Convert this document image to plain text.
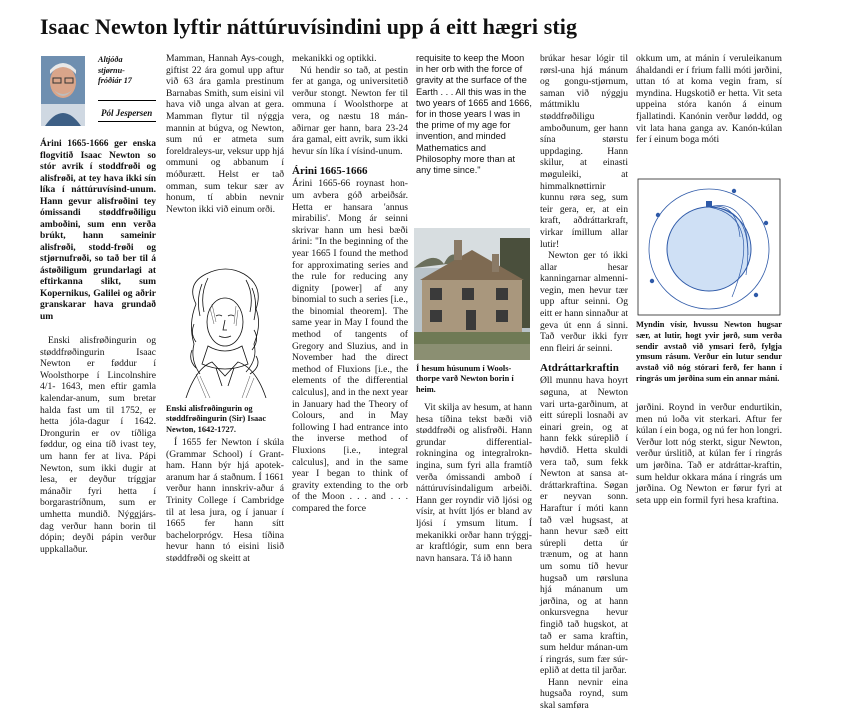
Isaac Newton lyftir náttúruvísindini upp á eitt hægri stig
Altjóða
stjørnu-
fróðiár 17
Pól Jespersen

Árini 1665-1666 ger enska flogvitið Isaac Newton so stór avrik í stoddfrøði og alisfrøði, at tey hava ikki sín líka í náttúruvísind-unum. Hann gevur alisfrøðini tey ómissandi støddfrøðiligu amboðini, sum enn verða brúkt, hann sameinir alisfrøði, stodd-frøði og stjørnufrøði, so tað ber til á ástøðiligum grundarlagi at eftirkanna slikt, sum Kopernikus, Galilei og aðrir granskarar hava grundað um

Enski alisfrøðingurin og støddfrøðingurin Isaac Newton er føddur í Woolsthorpe í Lincolnshire 4/1- 1643, men eftir gamla kalendar-anum, sum bretar halda fast um til 1752, er hetta jóla-dagur í 1642. Drongurin er ov tíðliga føddur, og eina tíð ivast tey, um hann fer at liva. Pápi Newton, sum ikki dugir at lesa, er deyður tríggjar mánaðir fyri hetta í borgarastríðnum, sum er umhetta mundið. Nýggjárs-dag verður hann borin til dópin; deyði pápin verður uppkallaður.

Mamman, Hannah Ays-cough, giftist 22 ára gomul upp aftur við 63 ára gamla prestinum Barnabas Smith, sum eisini vil hava við unga alvan at gera. Mamman flytur til nýggja mannin at búgva, og Newton, sum nú er atmeta sum foreldraleys-ur, veksur upp hjá ommuni og abbanum í móðurætt. Helst er tað omman, sum tekur sær av honum, tí abbin nevnir Newton ikki við einum orði.

Enski alisfrøðingurin og støddfrøðingurin (Sir) Isaac Newton, 1642-1727.

Í 1655 fer Newton í skúla (Grammar School) í Grant-ham. Hann býr hjá apotek-aranum har á staðnum. Í 1661 verður hann innskriv-aður á Trinity College í Cambridge til at lesa jura, og í januar í 1665 fer hann sítt bachelorprógv. Hesa tíðina hevur hann tó eisini lisið støddfrøði og skeitt at

mekanikki og optikki.

Nú hendir so tað, at pestin fer at ganga, og universitetið verður stongt. Newton fer til ommuna í Woolsthorpe at vera, og næstu 18 mán-aðirnar ger hann, bara 23-24 ára gamal, eitt avrik, sum ikki hevur sín líka í vísind-unum.

Árini 1665-1666

Árini 1665-66 roynast hon-um avbera góð arbeiðsár. Hetta er hansara 'annus mirabilis'. Mong ár seinni skrivar hann um hesi bæði árini: "In the beginning of the year 1665 I found the method for approximating series and the rule for reducing any dignity [power] af any binomial to such a series [i.e., the binomial theorem]. The same year in May I found the method of tangents of Gregory and Sluzius, and in November had the direct method of Fluxions [i.e., the elements of the differential calculus], and in the next year in January had the Theory of Colours, and in May following I had entrance into the inverse method of Fluxions [i.e., integral calculus], and in the same year I began to think of gravity extending to the orb of the Moon . . . and . . . compared the force

requisite to keep the Moon in her orb with the force of gravity at the surface of the Earth . . . All this was in the two years of 1665 and 1666, for in those years I was in the prime of my age for invention, and minded Mathematics and Philosophy more than at any time since."
Í hesum húsunum í Wools-thorpe varð Newton borin í heim.

Vit skilja av hesum, at hann hesa tíðina tekst bæði við støddfrøði og alisfrøði. Hann grundar differential-rokningina og integralrokn-ingina, sum fyri alla framtíð verða ómissandi amboð í náttúruvísindaligum arbeiði. Hann ger royndir við ljósi og vísir, at hvítt ljós er bland av ljósi í ymsum litum. Í mekanikki orðar hann trýggj-ar kraftlógir, sum enn bera navn hansara. Tá ið hann

brúkar hesar lógir til rørsl-una hjá mánum og gongu-stjørnum, saman við nýggju máttmiklu støddfrøðiligu amboðunum, ger hann sína størstu uppdaging. Hann skilur, at einasti møguleiki, at himmalknøttirnir kunnu røra seg, sum teir gera, er, at ein kraft, aðdráttarkraft, virkar ímillum allar lutir!

Newton ger tó ikki allar hesar kanningarnar almenni-vegin, men hevur tær upp aftur seinni. Og eitt er hann sinnaður at geva út enn á sinni. Tað verður ikki fyrr enn fleiri ár seinni.

Atdráttarkraftin

Øll munnu hava hoyrt søguna, at Newton vari urta-garðinum, at eitt súrepli losnaði av einari grein, og at hann fekk súreplið í høvdið. Hetta skuldi vera tað, sum fekk Newton at sansa at-dráttarkraftina. Søgan er neyvan sonn. Haraftur í móti kann tað væl hugsast, at hann hevur sæð eitt súrepli detta úr trænum, og at hann um somu tíð hevur hugsað um rørsluna hjá mánanum um jørðina, og at hann onkursvegna hevur fingið tað hugskot, at tað er sama kraftin, sum heldur mánan-um í ringrás, sum fær súr-eplið at detta til jarðar.

Hann nevnir eina hugsaða roynd, sum skal samføra

okkum um, at mánin í veruleikanum áhaldandi er í frium falli móti jørðini, uttan tó at koma vegin fram, sí myndina. Hugskotið er hetta. Vit seta uppeina stóra kanón á einum fjallatindi. Kanónin verður løddd, og vit lata hana ganga av. Kanón-kúlan fer í einum boga móti

Myndin vísir, hvussu Newton hugsar sær, at lutir, hogt yvir jørð, sum verða sendir avstað við ymsari ferð, fylgja ymsum rásum. Verður ein lutur sendur avstað við nóg stórari ferð, fer hann í ringrás um jørðina sum ein annar máni.

jørðini. Roynd in verður endurtikin, men nú loða vit sterkari. Aftur fer kúlan í ein boga, og nú fer hon longri. Verður lott nóg sterkt, sigur Newton, verður úrslitið, at kúlan fer í ringrás um jørðina. Tað er atdráttar-kraftin, sum heldur okkara mána í ringrás um jørðina. Og Newton er førur fyri at seta upp ein formil fyri hesa kraftina.
